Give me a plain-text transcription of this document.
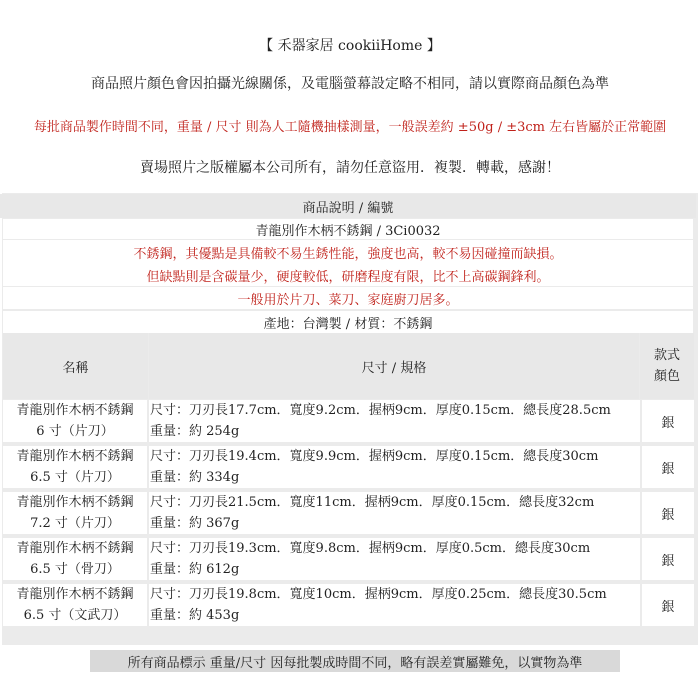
【 禾器家居 cookiiHome 】
商品照片顏色會因拍攝光線關係，及電腦螢幕設定略不相同，請以實際商品顏色為準
每批商品製作時間不同，重量 / 尺寸 則為人工隨機抽樣測量，一般誤差約 ±50g / ±3cm 左右皆屬於正常範圍
賣場照片之版權屬本公司所有，請勿任意盜用．複製．轉載，感謝！
商品說明 / 編號
青龍別作木柄不銹鋼 / 3Ci0032
不銹鋼，其優點是具備較不易生銹性能，強度也高，較不易因碰撞而缺損。
但缺點則是含碳量少，硬度較低，研磨程度有限，比不上高碳鋼鋒利。
一般用於片刀、菜刀、家庭廚刀居多。
產地：台灣製 / 材質：不銹鋼
名稱	尺寸 / 規格
款式
顏色
青龍別作木柄不銹鋼
6 寸（片刀）
尺寸：刀刃長17.7cm．寬度9.2cm．握柄9cm．厚度0.15cm．總長度28.5cm
重量：約 254g
銀
青龍別作木柄不銹鋼
6.5 寸（片刀）
尺寸：刀刃長19.4cm．寬度9.9cm．握柄9cm．厚度0.15cm．總長度30cm
重量：約 334g
銀
青龍別作木柄不銹鋼
7.2 寸（片刀）
尺寸：刀刃長21.5cm．寬度11cm．握柄9cm．厚度0.15cm．總長度32cm
重量：約 367g
銀
青龍別作木柄不銹鋼
6.5 寸（骨刀）
尺寸：刀刃長19.3cm．寬度9.8cm．握柄9cm．厚度0.5cm．總長度30cm
重量：約 612g
銀
青龍別作木柄不銹鋼
6.5 寸（文武刀）
尺寸：刀刃長19.8cm．寬度10cm．握柄9cm．厚度0.25cm．總長度30.5cm
重量：約 453g
銀
所有商品標示 重量/尺寸 因每批製成時間不同，略有誤差實屬難免，以實物為準
